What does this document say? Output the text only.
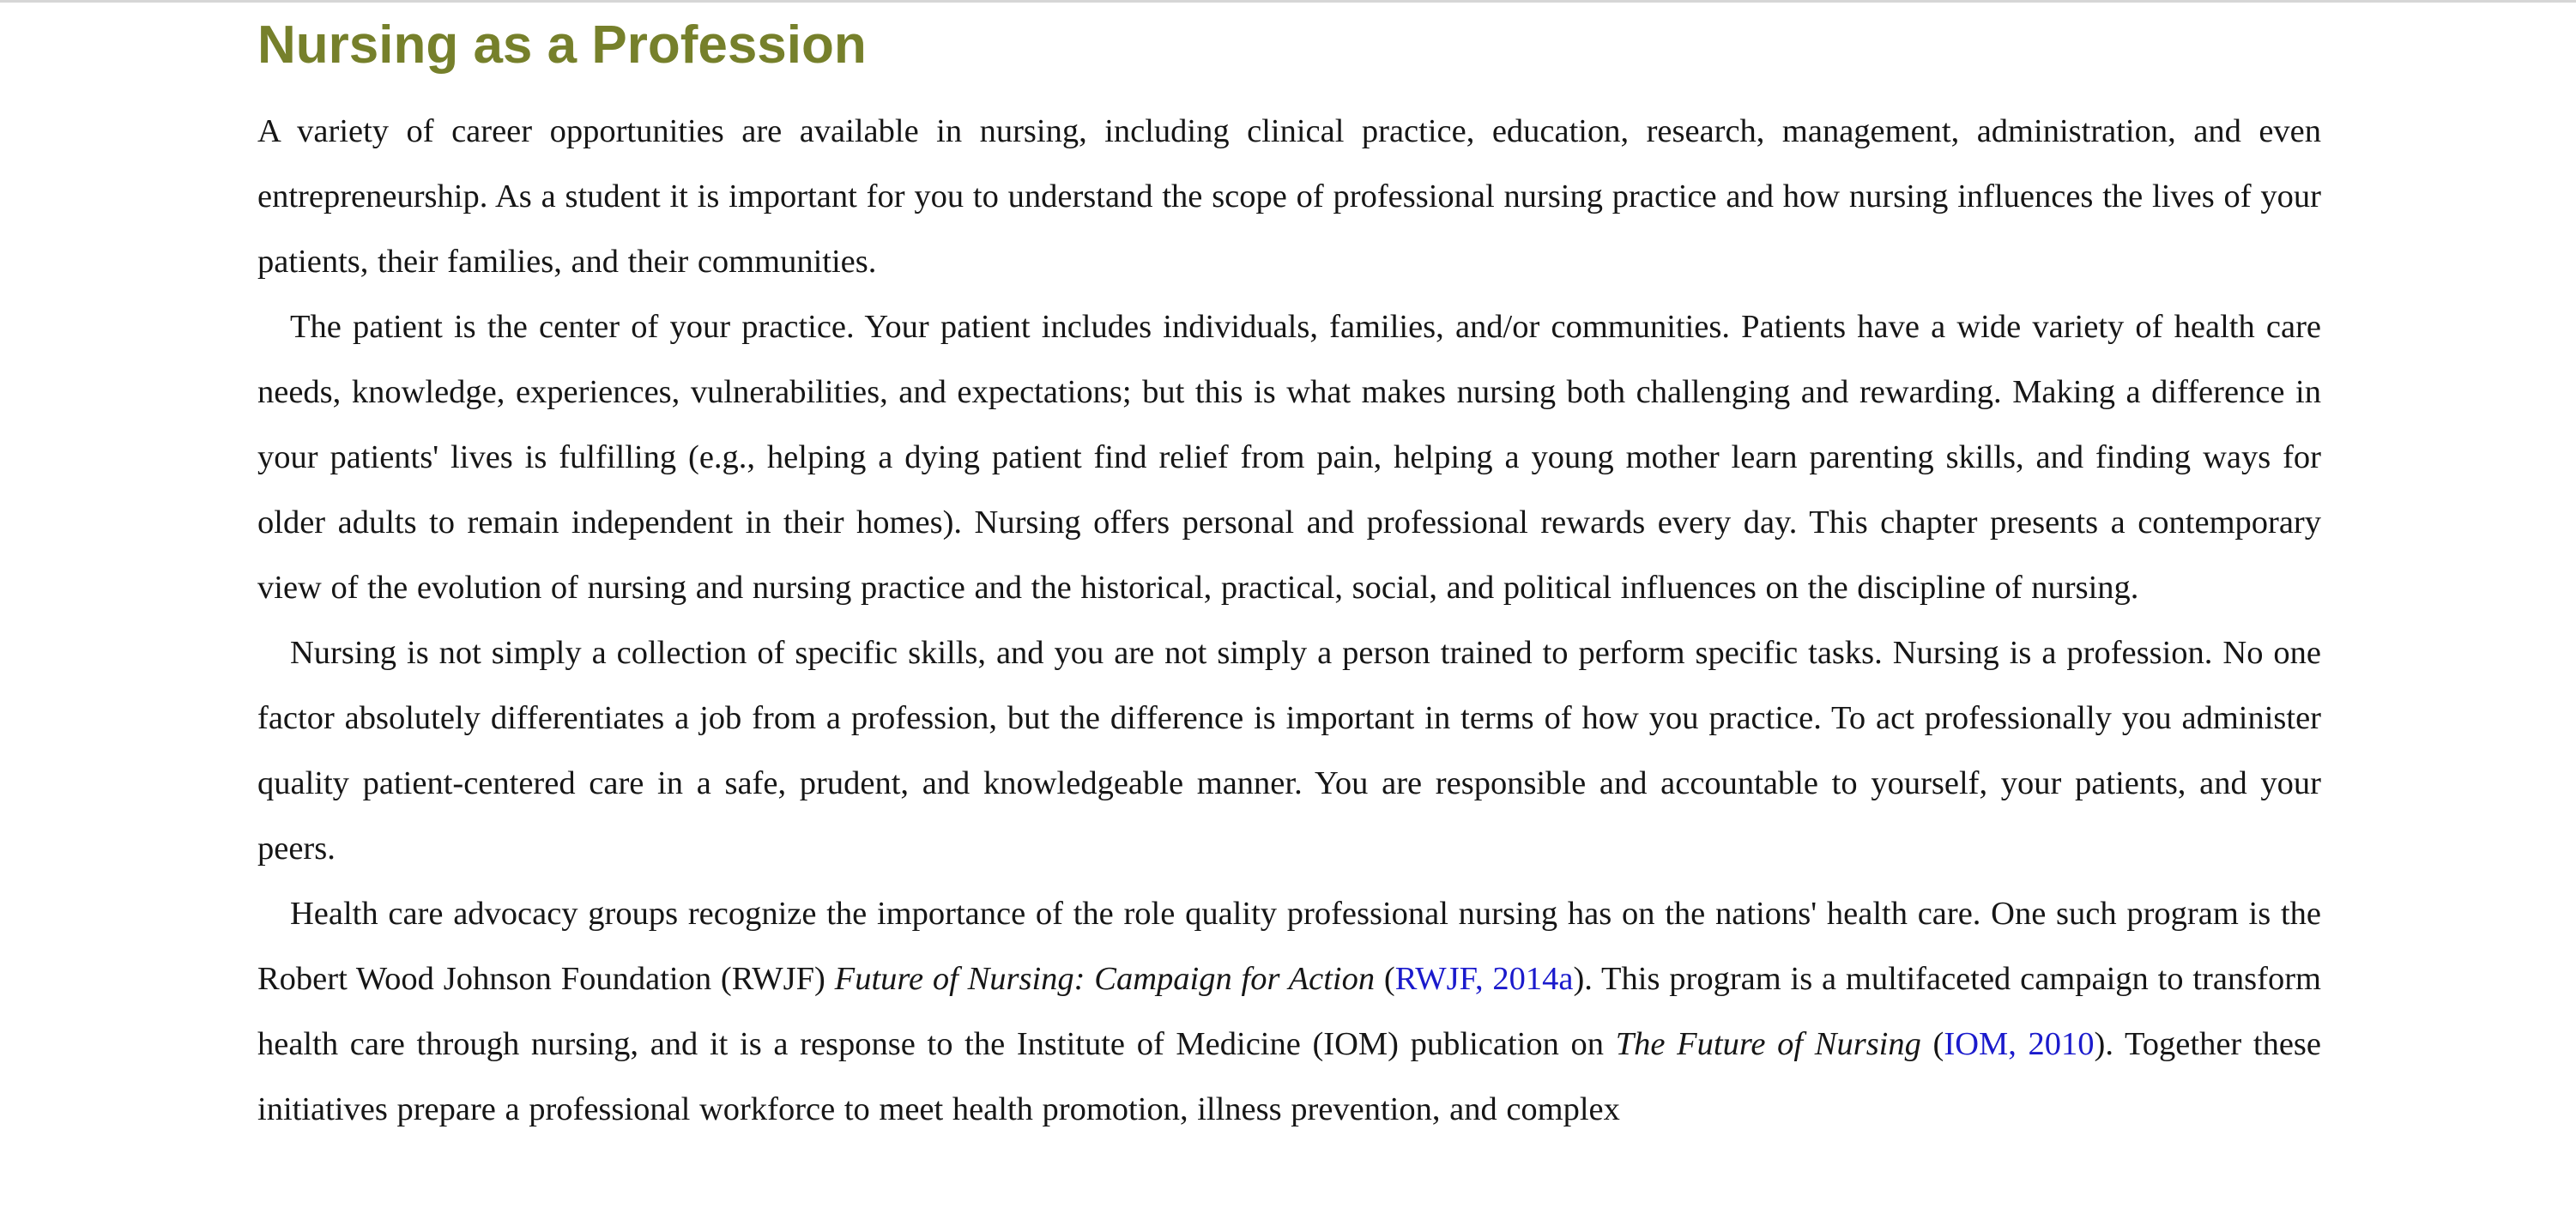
Nursing as a Profession

A variety of career opportunities are available in nursing, including clinical practice, education, research, management, administration, and even entrepreneurship. As a student it is important for you to understand the scope of professional nursing practice and how nursing influences the lives of your patients, their families, and their communities.

The patient is the center of your practice. Your patient includes individuals, families, and/or communities. Patients have a wide variety of health care needs, knowledge, experiences, vulnerabilities, and expectations; but this is what makes nursing both challenging and rewarding. Making a difference in your patients' lives is fulfilling (e.g., helping a dying patient find relief from pain, helping a young mother learn parenting skills, and finding ways for older adults to remain independent in their homes). Nursing offers personal and professional rewards every day. This chapter presents a contemporary view of the evolution of nursing and nursing practice and the historical, practical, social, and political influences on the discipline of nursing.

Nursing is not simply a collection of specific skills, and you are not simply a person trained to perform specific tasks. Nursing is a profession. No one factor absolutely differentiates a job from a profession, but the difference is important in terms of how you practice. To act professionally you administer quality patient-centered care in a safe, prudent, and knowledgeable manner. You are responsible and accountable to yourself, your patients, and your peers.

Health care advocacy groups recognize the importance of the role quality professional nursing has on the nations' health care. One such program is the Robert Wood Johnson Foundation (RWJF) Future of Nursing: Campaign for Action (RWJF, 2014a). This program is a multifaceted campaign to transform health care through nursing, and it is a response to the Institute of Medicine (IOM) publication on The Future of Nursing (IOM, 2010). Together these initiatives prepare a professional workforce to meet health promotion, illness prevention, and complex
